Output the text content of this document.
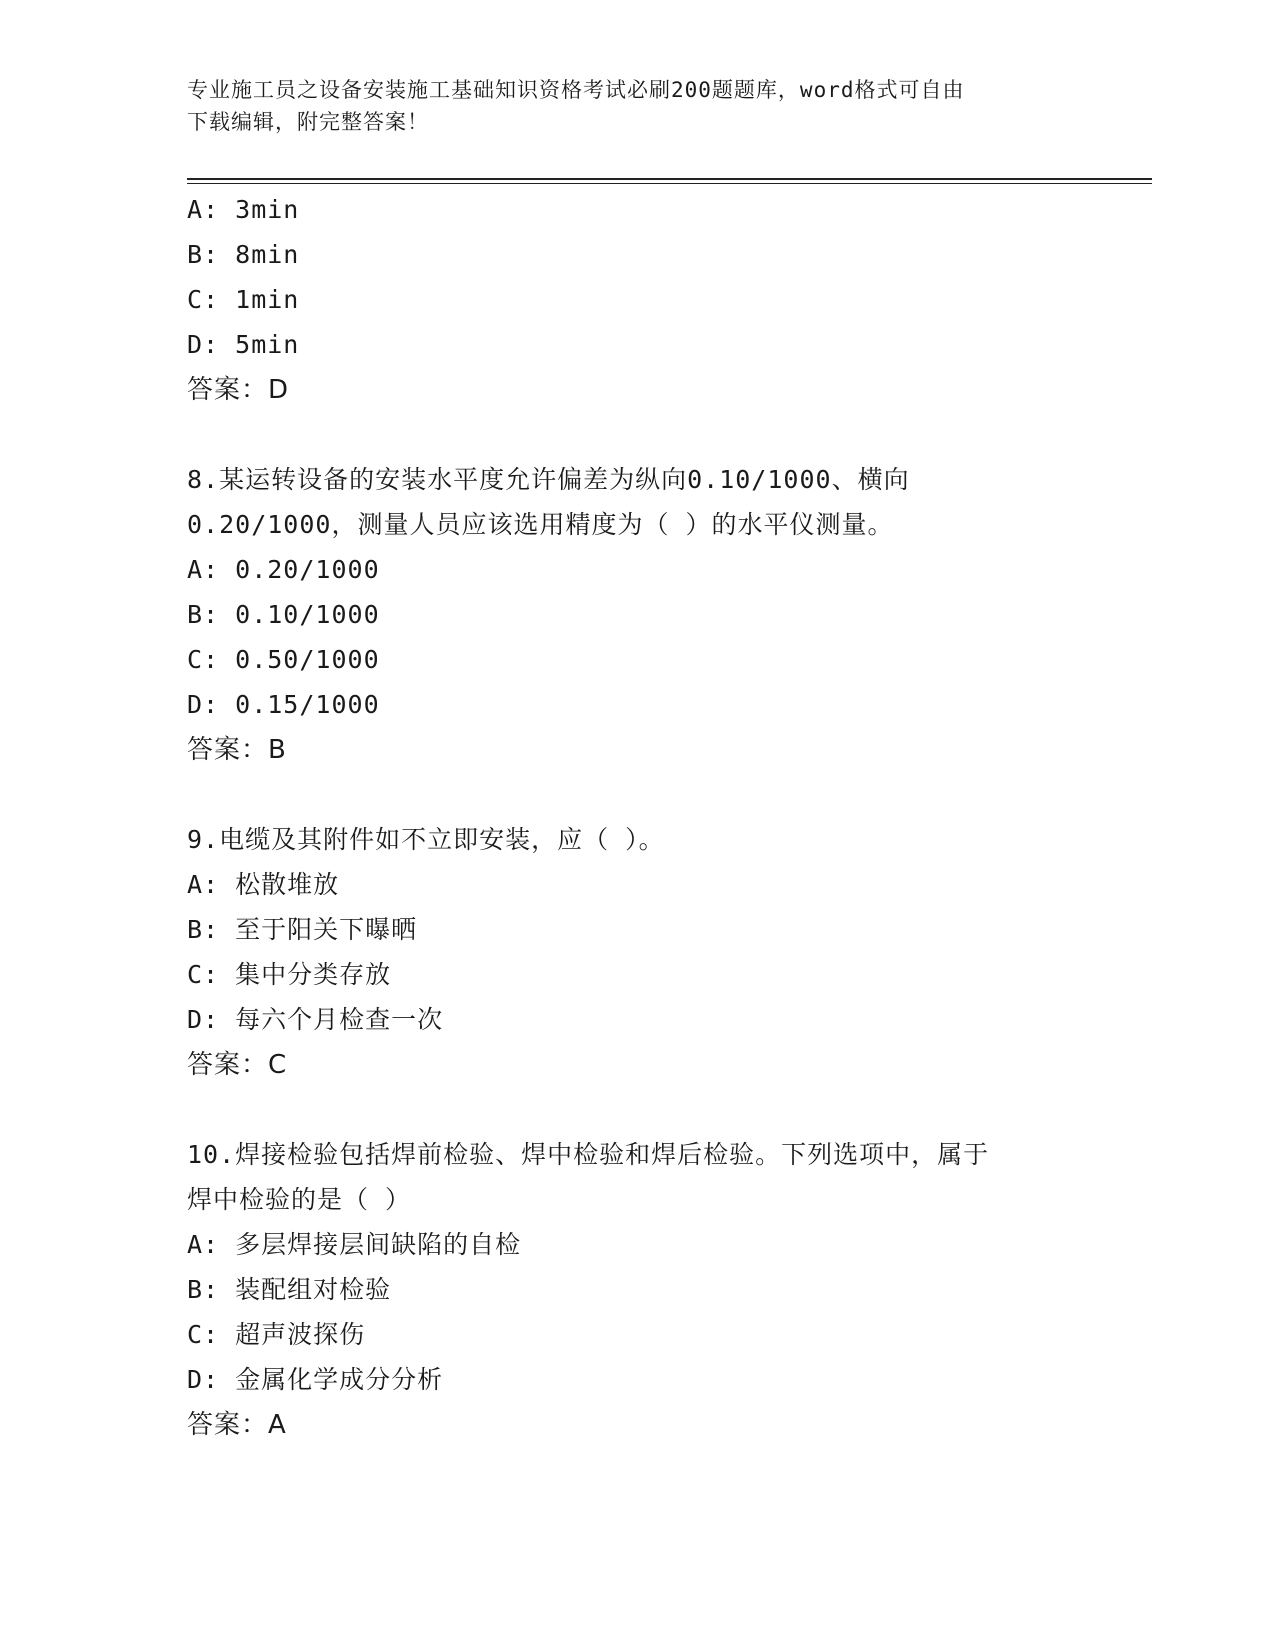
专业施工员之设备安装施工基础知识资格考试必刷200题题库，word格式可自由
下载编辑，附完整答案！
A: 3min
B: 8min
C: 1min
D: 5min
答案：D
8.某运转设备的安装水平度允许偏差为纵向0.10/1000、横向
0.20/1000，测量人员应该选用精度为（ ）的水平仪测量。
A: 0.20/1000
B: 0.10/1000
C: 0.50/1000
D: 0.15/1000
答案：B
9.电缆及其附件如不立即安装，应（ ）。
A: 松散堆放
B: 至于阳关下曝晒
C: 集中分类存放
D: 每六个月检查一次
答案：C
10.焊接检验包括焊前检验、焊中检验和焊后检验。下列选项中，属于
焊中检验的是（ ）
A: 多层焊接层间缺陷的自检
B: 装配组对检验
C: 超声波探伤
D: 金属化学成分分析
答案：A
